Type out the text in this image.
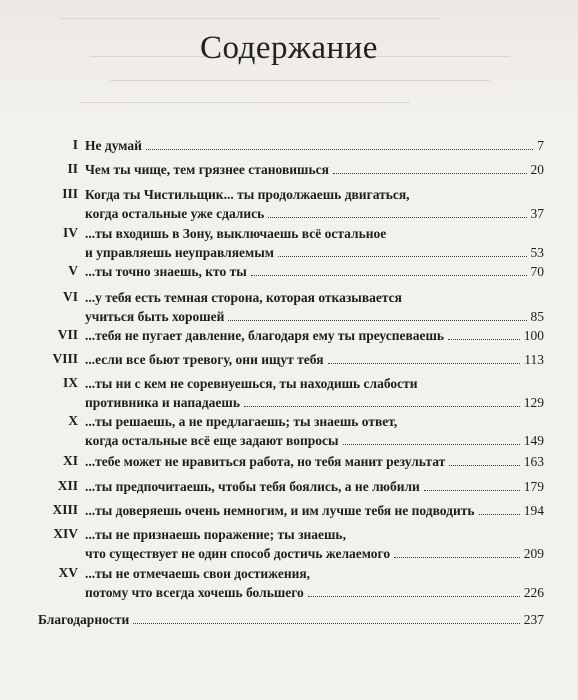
Содержание
I Не думай	7
II Чем ты чище, тем грязнее становишься	20
III Когда ты Чистильщик... ты продолжаешь двигаться,
когда остальные уже сдались	37
IV ...ты входишь в Зону, выключаешь всё остальное
и управляешь неуправляемым	53
V ...ты точно знаешь, кто ты	70
VI ...у тебя есть темная сторона, которая отказывается
учиться быть хорошей	85
VII ...тебя не пугает давление, благодаря ему ты преуспеваешь	100
VIII ...если все бьют тревогу, они ищут тебя	113
IX ...ты ни с кем не соревнуешься, ты находишь слабости
противника и нападаешь	129
X ...ты решаешь, а не предлагаешь; ты знаешь ответ,
когда остальные всё еще задают вопросы	149
XI ...тебе может не нравиться работа, но тебя манит результат	163
XII ...ты предпочитаешь, чтобы тебя боялись, а не любили	179
XIII ...ты доверяешь очень немногим, и им лучше тебя не подводить	194
XIV ...ты не признаешь поражение; ты знаешь,
что существует не один способ достичь желаемого	209
XV ...ты не отмечаешь свои достижения,
потому что всегда хочешь большего	226
Благодарности	237
